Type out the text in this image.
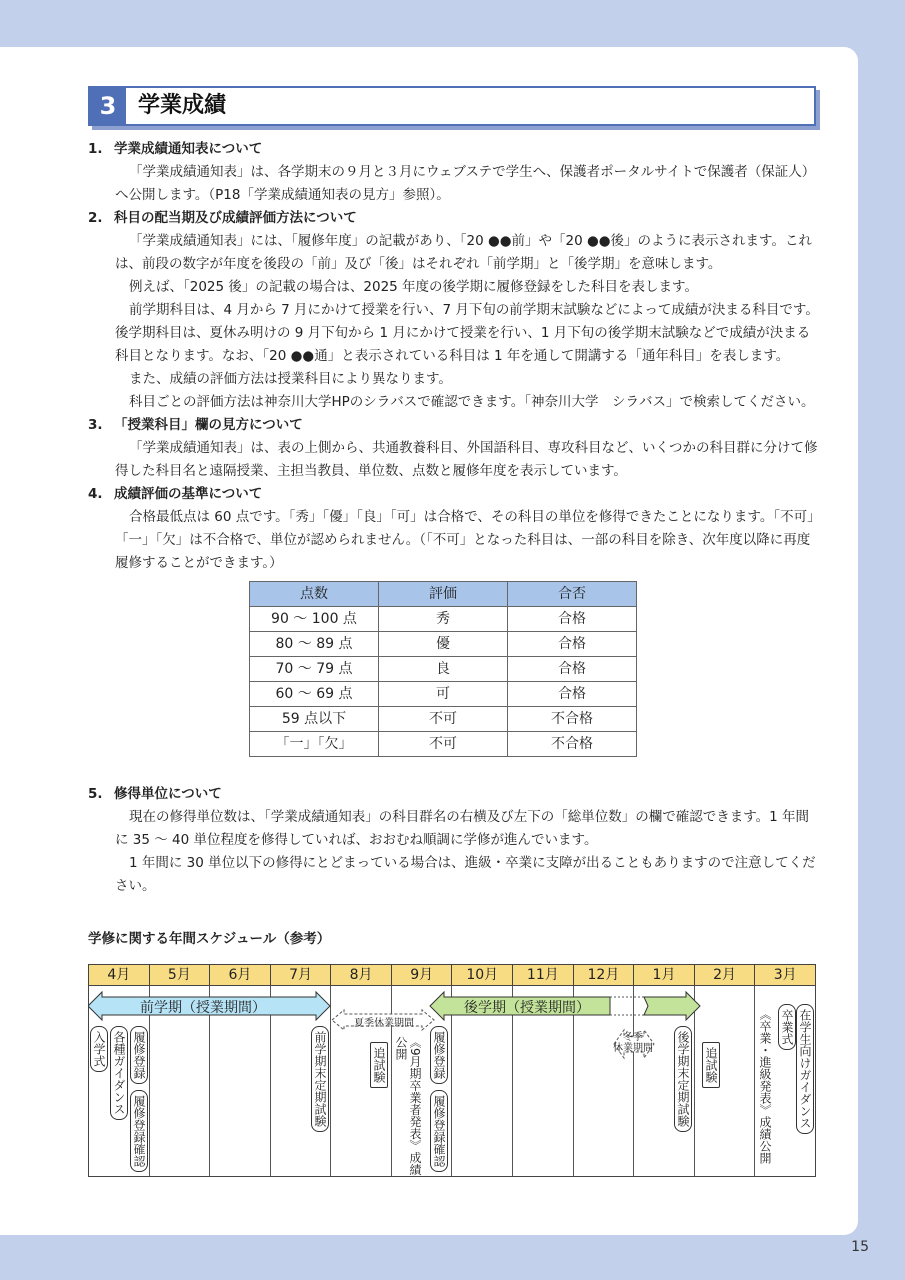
3 学業成績
1. 学業成績通知表について

「学業成績通知表」は、各学期末の９月と３月にウェブステで学生へ、保護者ポータルサイトで保護者（保証人）へ公開します。（P18「学業成績通知表の見方」参照）。

2. 科目の配当期及び成績評価方法について

「学業成績通知表」には、「履修年度」の記載があり、「20 ●●前」や「20 ●●後」のように表示されます。これは、前段の数字が年度を後段の「前」及び「後」はそれぞれ「前学期」と「後学期」を意味します。

例えば、「2025 後」の記載の場合は、2025 年度の後学期に履修登録をした科目を表します。

前学期科目は、4 月から 7 月にかけて授業を行い、7 月下旬の前学期末試験などによって成績が決まる科目です。後学期科目は、夏休み明けの 9 月下旬から 1 月にかけて授業を行い、1 月下旬の後学期末試験などで成績が決まる科目となります。なお、「20 ●●通」と表示されている科目は 1 年を通して開講する「通年科目」を表します。

また、成績の評価方法は授業科目により異なります。

科目ごとの評価方法は神奈川大学HPのシラバスで確認できます。「神奈川大学　シラバス」で検索してください。

3. 「授業科目」欄の見方について

「学業成績通知表」は、表の上側から、共通教養科目、外国語科目、専攻科目など、いくつかの科目群に分けて修得した科目名と遠隔授業、主担当教員、単位数、点数と履修年度を表示しています。

4. 成績評価の基準について

合格最低点は 60 点です。「秀」「優」「良」「可」は合格で、その科目の単位を修得できたことになります。「不可」「一」「欠」は不合格で、単位が認められません。（「不可」となった科目は、一部の科目を除き、次年度以降に再度履修することができます。）

点数	評価	合否
90 〜 100 点	秀	合格
80 〜 89 点	優	合格
70 〜 79 点	良	合格
60 〜 69 点	可	合格
59 点以下	不可	不合格
「一」「欠」	不可	不合格
5. 修得単位について

現在の修得単位数は、「学業成績通知表」の科目群名の右横及び左下の「総単位数」の欄で確認できます。1 年間に 35 〜 40 単位程度を修得していれば、おおむね順調に学修が進んでいます。

1 年間に 30 単位以下の修得にとどまっている場合は、進級・卒業に支障が出ることもありますので注意してください。

学修に関する年間スケジュール（参考）
4月	5月	6月	7月	8月	9月	10月	11月	12月	1月	2月	3月
前学期（授業期間）	後学期（授業期間）
夏季休業期間
冬季
休業期間
入学式 各種ガイダンス 履修登録
履修登録確認
前学期末定期試験	追試験	《9月期卒業者発表》成績公開	履修登録
履修登録確認
後学期末定期試験 追試験	《卒業・進級発表》成績公開 卒業式 在学生向けガイダンス
15
